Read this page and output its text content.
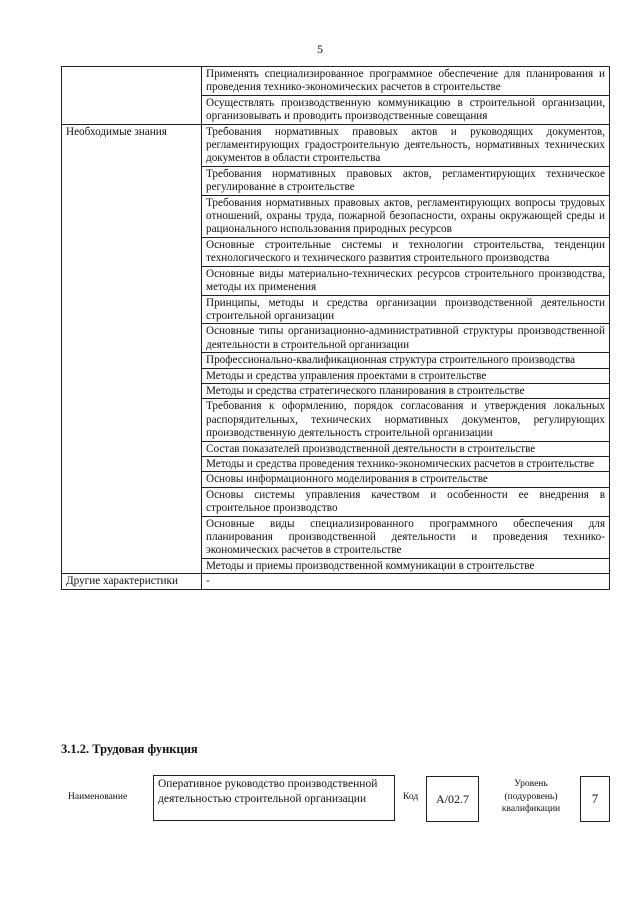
5

	Применять специализированное программное обеспечение для планирования и проведения технико-экономических расчетов в строительстве

	Осуществлять производственную коммуникацию в строительной организации, организовывать и проводить производственные совещания

Необходимые знания	Требования нормативных правовых актов и руководящих документов, регламентирующих градостроительную деятельность, нормативных технических документов в области строительства

	Требования нормативных правовых актов, регламентирующих техническое регулирование в строительстве

	Требования нормативных правовых актов, регламентирующих вопросы трудовых отношений, охраны труда, пожарной безопасности, охраны окружающей среды и рационального использования природных ресурсов

	Основные строительные системы и технологии строительства, тенденции технологического и технического развития строительного производства

	Основные виды материально-технических ресурсов строительного производства, методы их применения

	Принципы, методы и средства организации производственной деятельности строительной организации

	Основные типы организационно-административной структуры производственной деятельности в строительной организации

	Профессионально-квалификационная структура строительного производства

	Методы и средства управления проектами в строительстве

	Методы и средства стратегического планирования в строительстве

	Требования к оформлению, порядок согласования и утверждения локальных распорядительных, технических нормативных документов, регулирующих производственную деятельность строительной организации

	Состав показателей производственной деятельности в строительстве

	Методы и средства проведения технико-экономических расчетов в строительстве

	Основы информационного моделирования в строительстве

	Основы системы управления качеством и особенности ее внедрения в строительное производство

	Основные виды специализированного программного обеспечения для планирования производственной деятельности и проведения технико-экономических расчетов в строительстве

	Методы и приемы производственной коммуникации в строительстве

Другие характеристики	-
3.1.2. Трудовая функция
Наименование
Оперативное руководство производственной деятельностью строительной организации	Код	A/02.7
Уровень (подуровень) квалификации
7
